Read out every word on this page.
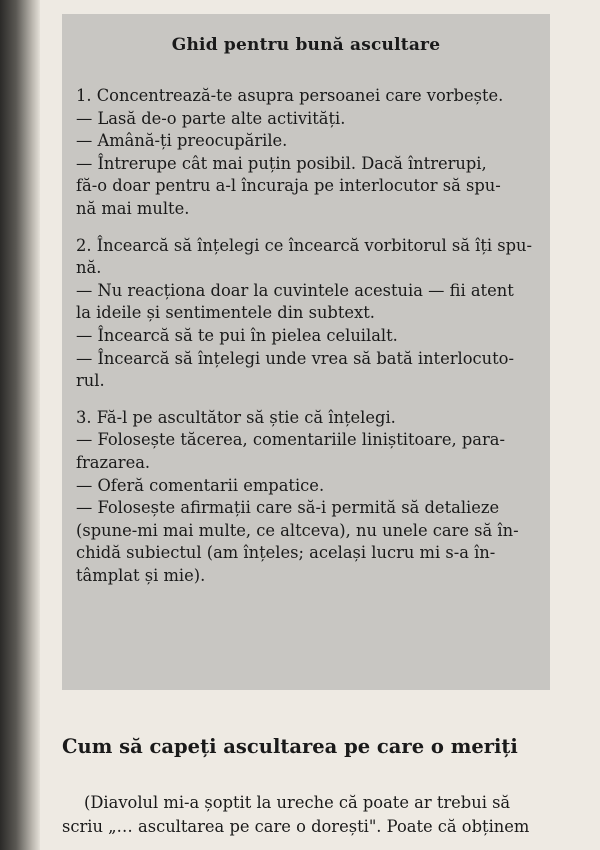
Ghid pentru bună ascultare
1. Concentrează-te asupra persoanei care vorbește.
— Lasă de-o parte alte activități.
— Amână-ți preocupările.
— Întrerupe cât mai puțin posibil. Dacă întrerupi,
fă-o doar pentru a-l încuraja pe interlocutor să spu-
nă mai multe.
2. Încearcă să înțelegi ce încearcă vorbitorul să îți spu-
nă.
— Nu reacționa doar la cuvintele acestuia — fii atent
la ideile și sentimentele din subtext.
— Încearcă să te pui în pielea celuilalt.
— Încearcă să înțelegi unde vrea să bată interlocuto-
rul.
3. Fă-l pe ascultător să știe că înțelegi.
— Folosește tăcerea, comentariile liniștitoare, para-
frazarea.
— Oferă comentarii empatice.
— Folosește afirmații care să-i permită să detalieze
(spune-mi mai multe, ce altceva), nu unele care să în-
chidă subiectul (am înțeles; același lucru mi s-a în-
tâmplat și mie).
Cum să capeți ascultarea pe care o meriți
(Diavolul mi-a șoptit la ureche că poate ar trebui să
scriu „… ascultarea pe care o dorești". Poate că obținem
